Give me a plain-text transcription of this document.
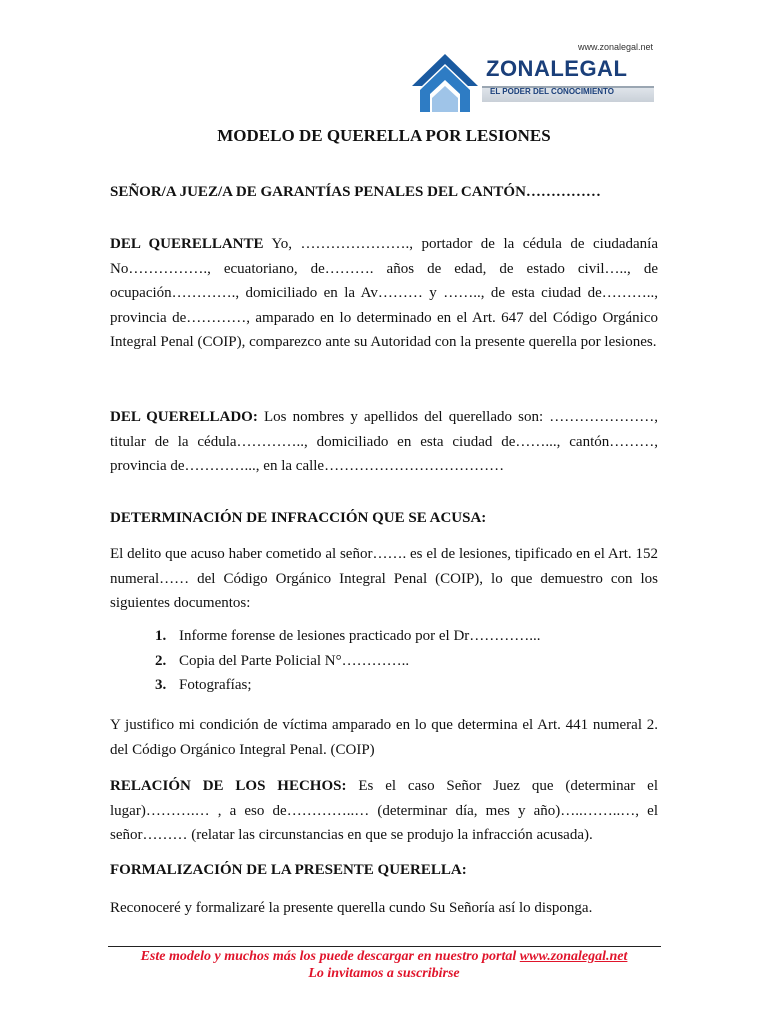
www.zonalegal.net
ZONALEGAL
EL PODER DEL CONOCIMIENTO
MODELO DE QUERELLA POR LESIONES
SEÑOR/A JUEZ/A DE GARANTÍAS PENALES DEL CANTÓN……………
DEL QUERELLANTE Yo, …………………., portador de la cédula de ciudadanía No……………., ecuatoriano, de………. años de edad, de estado civil….., de ocupación…………., domiciliado en la Av……… y …….., de esta ciudad de……….., provincia de…………, amparado en lo determinado en el Art. 647 del Código Orgánico Integral Penal (COIP), comparezco ante su Autoridad con la presente querella por lesiones.
DEL QUERELLADO: Los nombres y apellidos del querellado son: …………………, titular de la cédula………….., domiciliado en esta ciudad de……..., cantón………, provincia de…………..., en la calle………………………………
DETERMINACIÓN DE INFRACCIÓN QUE SE ACUSA:
El delito que acuso haber cometido al señor……. es el de lesiones, tipificado en el Art. 152 numeral…… del Código Orgánico Integral Penal (COIP), lo que demuestro con los siguientes documentos:
1. Informe forense de lesiones practicado por el Dr…………...
2. Copia del Parte Policial N°…………..
3. Fotografías;
Y justifico mi condición de víctima amparado en lo que determina el Art. 441 numeral 2. del Código Orgánico Integral Penal. (COIP)
RELACIÓN DE LOS HECHOS: Es el caso Señor Juez que (determinar el lugar)……….… , a eso de…………..… (determinar día, mes y año)…..……..…, el señor……… (relatar las circunstancias en que se produjo la infracción acusada).
FORMALIZACIÓN DE LA PRESENTE QUERELLA:
Reconoceré y formalizaré la presente querella cundo Su Señoría así lo disponga.
Este modelo y muchos más los puede descargar en nuestro portal www.zonalegal.net
Lo invitamos a suscribirse
